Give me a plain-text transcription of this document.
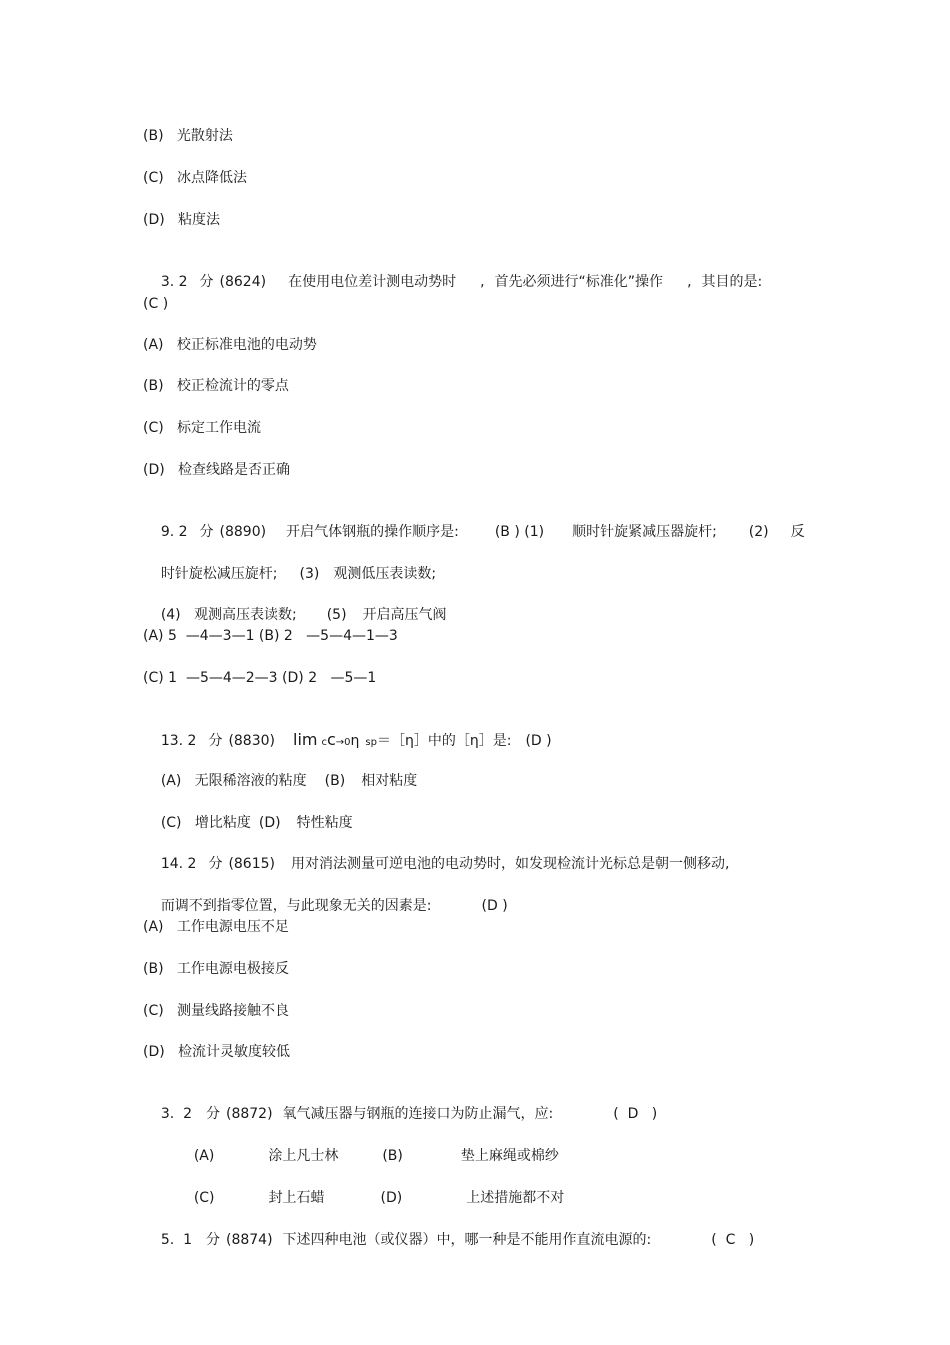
(B)   光散射法
(C)   冰点降低法
(D)   粘度法

3. 2 分 (8624) 在使用电位差计测电动势时 , 首先必须进行“标准化”操作 , 其目的是:

(C )
(A)   校正标准电池的电动势
(B)   校正检流计的零点
(C)   标定工作电流
(D)   检查线路是否正确

9. 2 分 (8890) 开启气体钢瓶的操作顺序是:	(B ) (1) 顺时针旋紧减压器旋杆; (2) 反

时针旋松减压旋杆; (3) 观测低压表读数;

(4)   观测高压表读数; (5) 开启高压气阀

(A) 5  —4—3—1 (B) 2   —5—4—1—3
(C) 1  —5—4—2—3 (D) 2   —5—1

13. 2 分 (8830) lim cc→0η sp＝［η］中的［η］是: (D )

(A)   无限稀溶液的粘度 (B) 相对粘度

(C)   增比粘度 (D) 特性粘度

14. 2 分 (8615) 用对消法测量可逆电池的电动势时，如发现检流计光标总是朝一侧移动,

而调不到指零位置，与此现象无关的因素是:	(D )

(A)   工作电源电压不足
(B)   工作电源电极接反
(C)   测量线路接触不良
(D)   检流计灵敏度较低

3.  2 分 (8872) 氧气减压器与钢瓶的连接口为防止漏气，应:	(  D   )

(A)	涂上凡士林	(B)	垫上麻绳或棉纱

(C)	封上石蜡	(D)	上述措施都不对

5.  1 分 (8874) 下述四种电池（或仪器）中，哪一种是不能用作直流电源的:	(  C   )
